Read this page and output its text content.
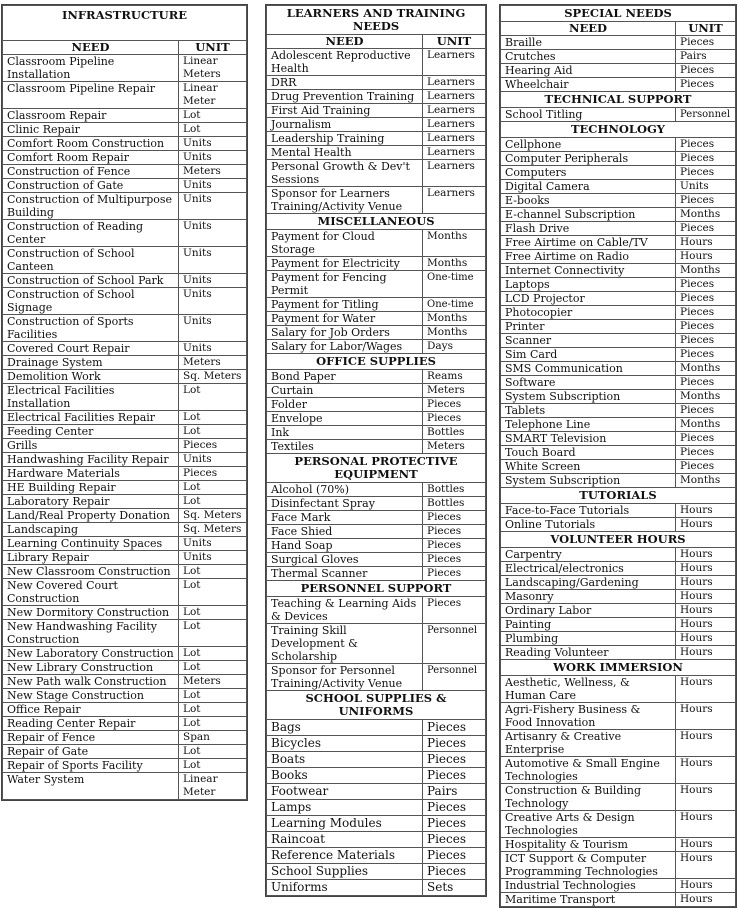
INFRASTRUCTURE	
NEED	UNIT
Classroom Pipeline Installation	Linear Meters
Classroom Pipeline Repair	Linear Meter
Classroom Repair	Lot
Clinic Repair	Lot
Comfort Room Construction	Units
Comfort Room Repair	Units
Construction of Fence	Meters
Construction of Gate	Units
Construction of Multipurpose Building	Units
Construction of Reading Center	Units
Construction of School Canteen	Units
Construction of School Park	Units
Construction of School Signage	Units
Construction of Sports Facilities	Units
Covered Court Repair	Units
Drainage System	Meters
Demolition Work	Sq. Meters
Electrical Facilities Installation	Lot
Electrical Facilities Repair	Lot
Feeding Center	Lot
Grills	Pieces
Handwashing Facility Repair	Units
Hardware Materials	Pieces
HE Building Repair	Lot
Laboratory Repair	Lot
Land/Real Property Donation	Sq. Meters
Landscaping	Sq. Meters
Learning Continuity Spaces	Units
Library Repair	Units
New Classroom Construction	Lot
New Covered Court Construction	Lot
New Dormitory Construction	Lot
New Handwashing Facility Construction	Lot
New Laboratory Construction	Lot
New Library Construction	Lot
New Path walk Construction	Meters
New Stage Construction	Lot
Office Repair	Lot
Reading Center Repair	Lot
Repair of Fence	Span
Repair of Gate	Lot
Repair of Sports Facility	Lot
Water System	Linear Meter
LEARNERS AND TRAINING NEEDS	
NEED	UNIT
Adolescent Reproductive Health	Learners
DRR	Learners
Drug Prevention Training	Learners
First Aid Training	Learners
Journalism	Learners
Leadership Training	Learners
Mental Health	Learners
Personal Growth & Dev't Sessions	Learners
Sponsor for Learners Training/Activity Venue	Learners
MISCELLANEOUS	
Payment for Cloud Storage	Months
Payment for Electricity	Months
Payment for Fencing Permit	One-time
Payment for Titling	One-time
Payment for Water	Months
Salary for Job Orders	Months
Salary for Labor/Wages	Days
OFFICE SUPPLIES	
Bond Paper	Reams
Curtain	Meters
Folder	Pieces
Envelope	Pieces
Ink	Bottles
Textiles	Meters
PERSONAL PROTECTIVE EQUIPMENT	
Alcohol (70%)	Bottles
Disinfectant Spray	Bottles
Face Mark	Pieces
Face Shied	Pieces
Hand Soap	Pieces
Surgical Gloves	Pieces
Thermal Scanner	Pieces
PERSONNEL SUPPORT	
Teaching & Learning Aids & Devices	Pieces
Training Skill Development & Scholarship	Personnel
Sponsor for Personnel Training/Activity Venue	Personnel
SCHOOL SUPPLIES & UNIFORMS	
Bags	Pieces
Bicycles	Pieces
Boats	Pieces
Books	Pieces
Footwear	Pairs
Lamps	Pieces
Learning Modules	Pieces
Raincoat	Pieces
Reference Materials	Pieces
School Supplies	Pieces
Uniforms	Sets
SPECIAL NEEDS	
NEED	UNIT
Braille	Pieces
Crutches	Pairs
Hearing Aid	Pieces
Wheelchair	Pieces
TECHNICAL SUPPORT	
School Titling	Personnel
TECHNOLOGY	
Cellphone	Pieces
Computer Peripherals	Pieces
Computers	Pieces
Digital Camera	Units
E-books	Pieces
E-channel Subscription	Months
Flash Drive	Pieces
Free Airtime on Cable/TV	Hours
Free Airtime on Radio	Hours
Internet Connectivity	Months
Laptops	Pieces
LCD Projector	Pieces
Photocopier	Pieces
Printer	Pieces
Scanner	Pieces
Sim Card	Pieces
SMS Communication	Months
Software	Pieces
System Subscription	Months
Tablets	Pieces
Telephone Line	Months
SMART Television	Pieces
Touch Board	Pieces
White Screen	Pieces
System Subscription	Months
TUTORIALS	
Face-to-Face Tutorials	Hours
Online Tutorials	Hours
VOLUNTEER HOURS	
Carpentry	Hours
Electrical/electronics	Hours
Landscaping/Gardening	Hours
Masonry	Hours
Ordinary Labor	Hours
Painting	Hours
Plumbing	Hours
Reading Volunteer	Hours
WORK IMMERSION	
Aesthetic, Wellness, & Human Care	Hours
Agri-Fishery Business & Food Innovation	Hours
Artisanry & Creative Enterprise	Hours
Automotive & Small Engine Technologies	Hours
Construction & Building Technology	Hours
Creative Arts & Design Technologies	Hours
Hospitality & Tourism	Hours
ICT Support & Computer Programming Technologies	Hours
Industrial Technologies	Hours
Maritime Transport	Hours
